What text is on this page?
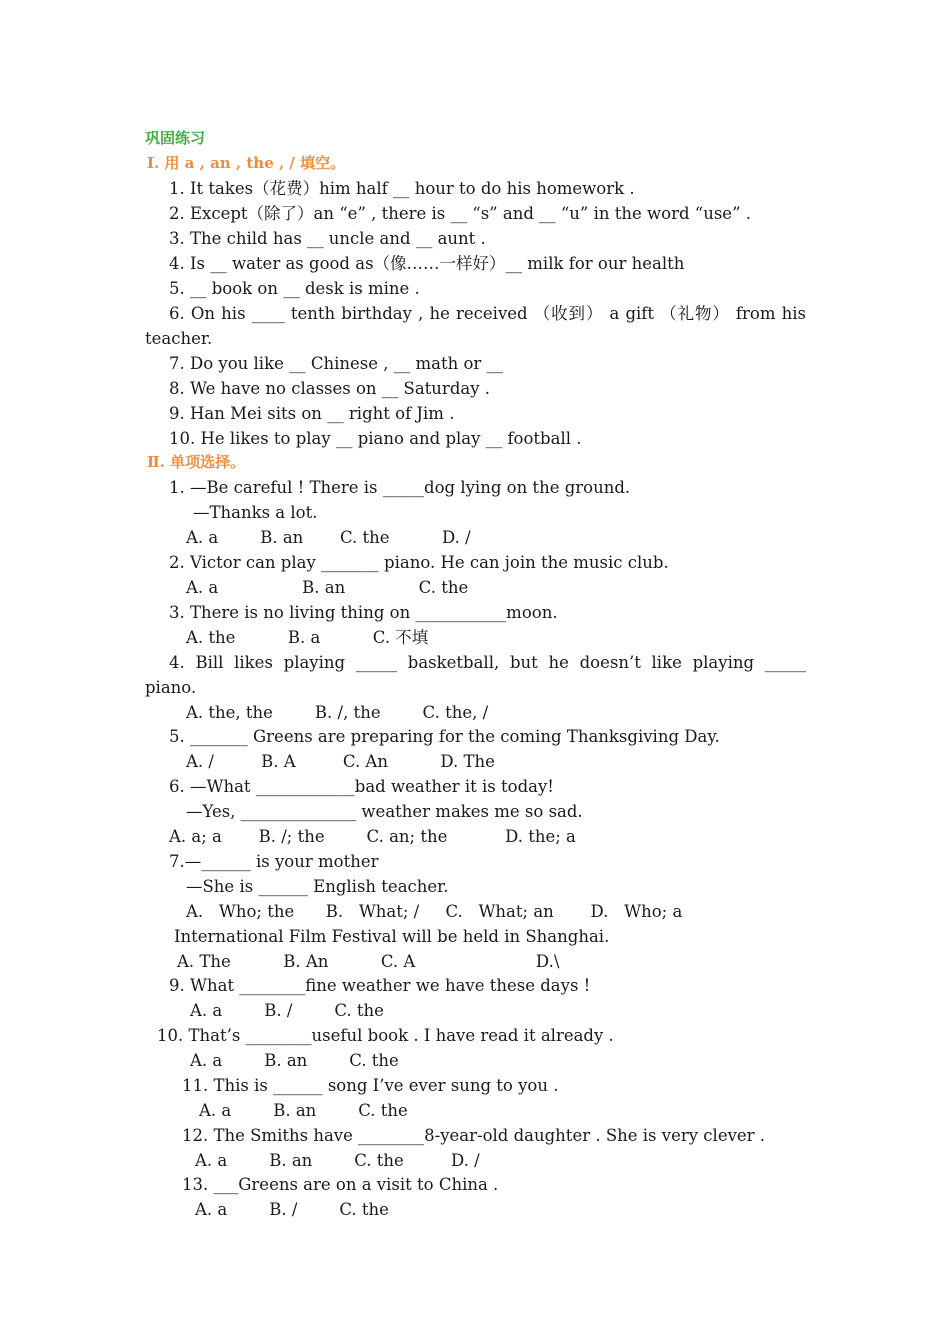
巩固练习
Ⅰ. 用 a , an , the , / 填空。
1. It takes（花费）him half __ hour to do his homework .
2. Except（除了）an “e” , there is __ “s” and __ “u” in the word “use” .
3. The child has __ uncle and __ aunt .
4. Is __ water as good as（像……一样好）__ milk for our health
5. __ book on __ desk is mine .
6. On his ____ tenth birthday , he received （收到） a gift （礼物） from his
teacher.
7. Do you like __ Chinese , __ math or __
8. We have no classes on __ Saturday .
9. Han Mei sits on __ right of Jim .
10. He likes to play __ piano and play __ football .
Ⅱ. 单项选择。
1. —Be careful ! There is _____dog lying on the ground.
—Thanks a lot.
A. a        B. an       C. the          D. /
2. Victor can play _______ piano. He can join the music club.
A. a                B. an              C. the
3. There is no living thing on ___________moon.
A. the          B. a          C. 不填
4. Bill likes playing _____ basketball, but he doesn’t like playing _____
piano.
A. the, the        B. /, the        C. the, /
5. _______ Greens are preparing for the coming Thanksgiving Day.
A. /         B. A         C. An          D. The
6. —What ____________bad weather it is today!
—Yes, ______________ weather makes me so sad.
A. a; a       B. /; the        C. an; the           D. the; a
7.—______ is your mother
—She is ______ English teacher.
A.   Who; the      B.   What; /     C.   What; an       D.   Who; a
International Film Festival will be held in Shanghai.
A. The          B. An          C. A                       D.\
9. What ________fine weather we have these days !
A. a        B. /        C. the
10. That’s ________useful book . I have read it already .
A. a        B. an        C. the
11. This is ______ song I’ve ever sung to you .
A. a        B. an        C. the
12. The Smiths have ________8-year-old daughter . She is very clever .
A. a        B. an        C. the         D. /
13. ___Greens are on a visit to China .
A. a        B. /        C. the
